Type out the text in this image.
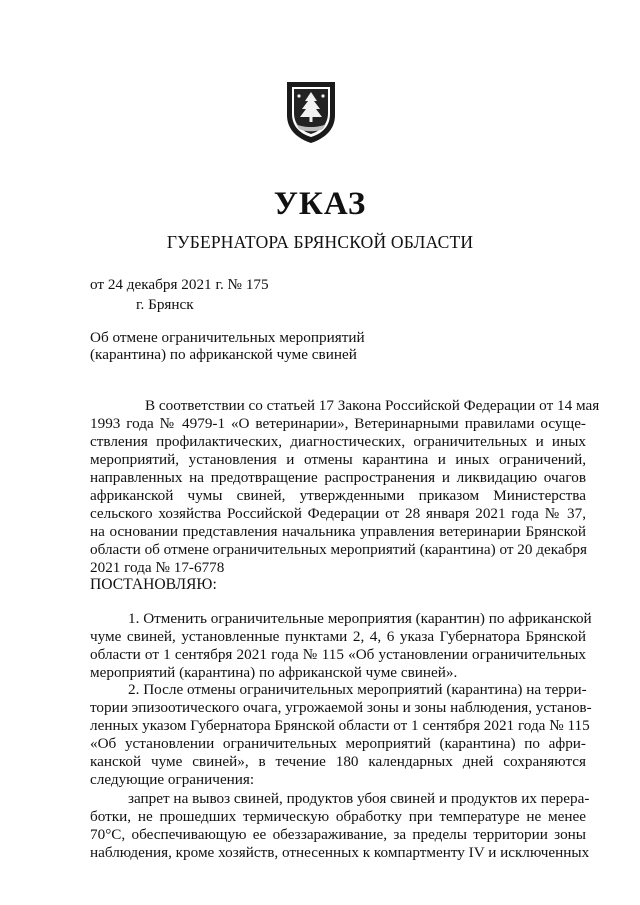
УКАЗ
ГУБЕРНАТОРА БРЯНСКОЙ ОБЛАСТИ
от 24 декабря 2021 г. № 175
г. Брянск
Об отмене ограничительных мероприятий
(карантина) по африканской чуме свиней
В соответствии со статьей 17 Закона Российской Федерации от 14 мая
1993 года № 4979-1 «О ветеринарии», Ветеринарными правилами осуще-
ствления профилактических, диагностических, ограничительных и иных
мероприятий, установления и отмены карантина и иных ограничений,
направленных на предотвращение распространения и ликвидацию очагов
африканской чумы свиней, утвержденными приказом Министерства
сельского хозяйства Российской Федерации от 28 января 2021 года № 37,
на основании представления начальника управления ветеринарии Брянской
области об отмене ограничительных мероприятий (карантина) от 20 декабря
2021 года № 17-6778
ПОСТАНОВЛЯЮ:
1. Отменить ограничительные мероприятия (карантин) по африканской
чуме свиней, установленные пунктами 2, 4, 6 указа Губернатора Брянской
области от 1 сентября 2021 года № 115 «Об установлении ограничительных
мероприятий (карантина) по африканской чуме свиней».
2. После отмены ограничительных мероприятий (карантина) на терри-
тории эпизоотического очага, угрожаемой зоны и зоны наблюдения, установ-
ленных указом Губернатора Брянской области от 1 сентября 2021 года № 115
«Об установлении ограничительных мероприятий (карантина) по афри-
канской чуме свиней», в течение 180 календарных дней сохраняются
следующие ограничения:
запрет на вывоз свиней, продуктов убоя свиней и продуктов их перера-
ботки, не прошедших термическую обработку при температуре не менее
70°С, обеспечивающую ее обеззараживание, за пределы территории зоны
наблюдения, кроме хозяйств, отнесенных к компартменту IV и исключенных
